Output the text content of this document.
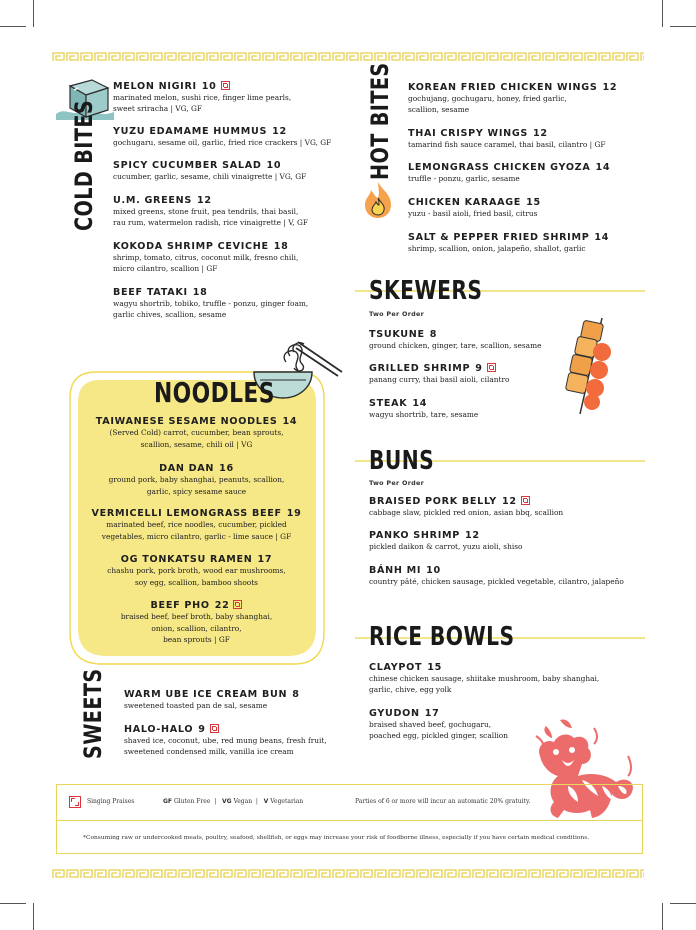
COLD BITES
MELON NIGIRI 10
marinated melon, sushi rice, finger lime pearls,
sweet sriracha | VG, GF
YUZU EDAMAME HUMMUS 12
gochugaru, sesame oil, garlic, fried rice crackers | VG, GF
SPICY CUCUMBER SALAD 10
cucumber, garlic, sesame, chili vinaigrette | VG, GF
U.M. GREENS 12
mixed greens, stone fruit, pea tendrils, thai basil,
rau rum, watermelon radish, rice vinaigrette | V, GF
KOKODA SHRIMP CEVICHE 18
shrimp, tomato, citrus, coconut milk, fresno chili,
micro cilantro, scallion | GF
BEEF TATAKI 18
wagyu shortrib, tobiko, truffle - ponzu, ginger foam,
garlic chives, scallion, sesame
HOT BITES KOREAN FRIED CHICKEN WINGS 12
gochujang, gochugaru, honey, fried garlic,
scallion, sesame
THAI CRISPY WINGS 12
tamarind fish sauce caramel, thai basil, cilantro | GF
LEMONGRASS CHICKEN GYOZA 14
truffle - ponzu, garlic, sesame
CHICKEN KARAAGE 15
yuzu - basil aioli, fried basil, citrus
SALT & PEPPER FRIED SHRIMP 14
shrimp, scallion, onion, jalapeño, shallot, garlic
NOODLES
TAIWANESE SESAME NOODLES 14
(Served Cold) carrot, cucumber, bean sprouts,
scallion, sesame, chili oil | VG
DAN DAN 16
ground pork, baby shanghai, peanuts, scallion,
garlic, spicy sesame sauce
VERMICELLI LEMONGRASS BEEF 19
marinated beef, rice noodles, cucumber, pickled
vegetables, micro cilantro, garlic - lime sauce | GF
OG TONKATSU RAMEN 17
chashu pork, pork broth, wood ear mushrooms,
soy egg, scallion, bamboo shoots
BEEF PHO 22
braised beef, beef broth, baby shanghai,
onion, scallion, cilantro,
bean sprouts | GF
SWEETS WARM UBE ICE CREAM BUN 8
sweetened toasted pan de sal, sesame
HALO-HALO 9
shaved ice, coconut, ube, red mung beans, fresh fruit,
sweetened condensed milk, vanilla ice cream
SKEWERS
Two Per Order
TSUKUNE 8
ground chicken, ginger, tare, scallion, sesame
GRILLED SHRIMP 9
panang curry, thai basil aioli, cilantro
STEAK 14
wagyu shortrib, tare, sesame
BUNS
Two Per Order
BRAISED PORK BELLY 12
cabbage slaw, pickled red onion, asian bbq, scallion
PANKO SHRIMP 12
pickled daikon & carrot, yuzu aioli, shiso
BÁNH MI 10
country pâté, chicken sausage, pickled vegetable, cilantro, jalapeño
RICE BOWLS
CLAYPOT 15
chinese chicken sausage, shiitake mushroom, baby shanghai,
garlic, chive, egg yolk
GYUDON 17
braised shaved beef, gochugaru,
poached egg, pickled ginger, scallion
Singing Praises	GF Gluten Free  |   VG Vegan  |   V Vegetarian	Parties of 6 or more will incur an automatic 20% gratuity.
*Consuming raw or undercooked meats, poultry, seafood, shellfish, or eggs may increase your risk of foodborne illness, especially if you have certain medical conditions.
